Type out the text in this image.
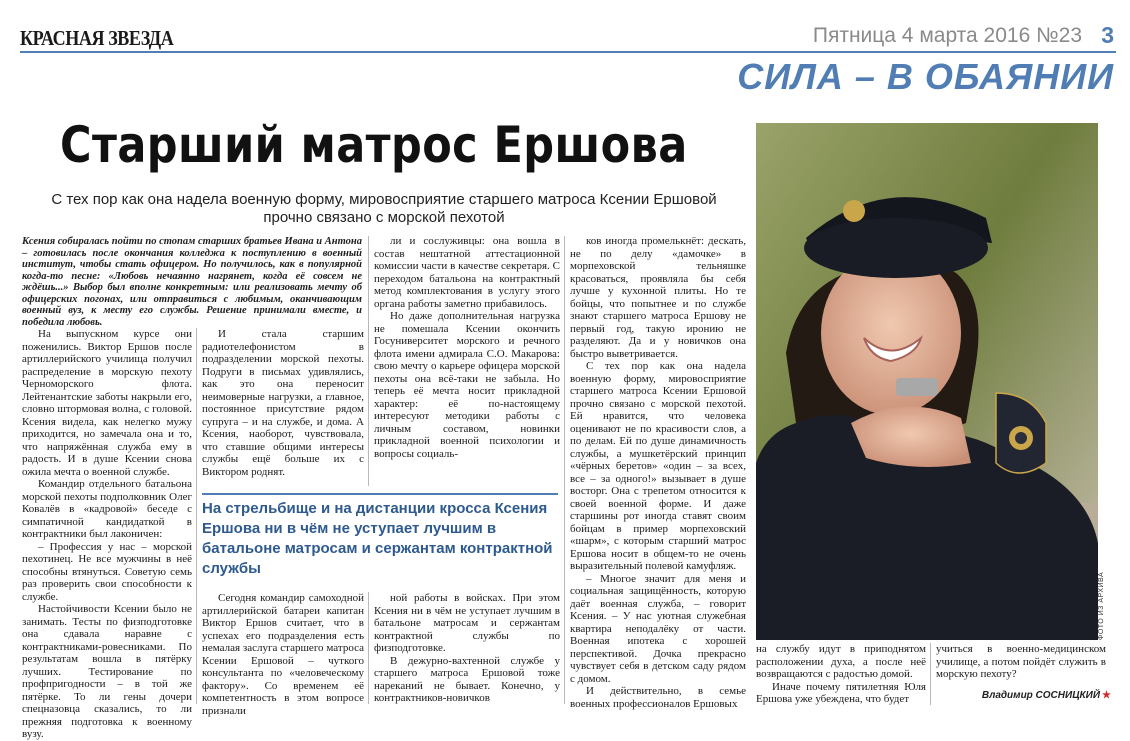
КРАСНАЯ ЗВЕЗДА	Пятница 4 марта 2016 №23 3
СИЛА – В ОБАЯНИИ
Старший матрос Ершова
С тех пор как она надела военную форму, мировосприятие старшего матроса Ксении Ершовой прочно связано с морской пехотой
ФОТО ИЗ АРХИВА
Ксения собиралась пойти по стопам старших братьев Ивана и Антона – готовилась после окончания колледжа к поступлению в военный институт, чтобы стать офицером. Но получилось, как в популярной когда-то песне: «Любовь нечаянно нагрянет, когда её совсем не ждёшь...» Выбор был вполне конкретным: или реализовать мечту об офицерских погонах, или отправиться с любимым, оканчивающим военный вуз, к месту его службы. Решение принимали вместе, и победила любовь.

На выпускном курсе они поженились. Виктор Ершов после артиллерийского училища получил распределение в морскую пехоту Черноморского флота. Лейтенантские заботы накрыли его, словно штормовая волна, с головой. Ксения видела, как нелегко мужу приходится, но замечала она и то, что напряжённая служба ему в радость. И в душе Ксении снова ожила мечта о военной службе.

Командир отдельного батальона морской пехоты подполковник Олег Ковалёв в «кадровой» беседе с симпатичной кандидаткой в контрактники был лаконичен:

– Профессия у нас – морской пехотинец. Не все мужчины в неё способны втянуться. Советую семь раз проверить свои способности к службе.

Настойчивости Ксении было не занимать. Тесты по физподготовке она сдавала наравне с контрактниками-ровесниками. По результатам вошла в пятёрку лучших. Тестирование по профпригодности – в той же пятёрке. То ли гены дочери спецназовца сказались, то ли прежняя подготовка к военному вузу.

И стала старшим радиотелефонистом в подразделении морской пехоты. Подруги в письмах удивлялись, как это она переносит неимоверные нагрузки, а главное, постоянное присутствие рядом супруга – и на службе, и дома. А Ксения, наоборот, чувствовала, что ставшие общими интересы службы ещё больше их с Виктором роднят.

ли и сослуживцы: она вошла в состав нештатной аттестационной комиссии части в качестве секретаря. С переходом батальона на контрактный метод комплектования в услугу этого органа работы заметно прибавилось.

Но даже дополнительная нагрузка не помешала Ксении окончить Госуниверситет морского и речного флота имени адмирала С.О. Макарова: свою мечту о карьере офицера морской пехоты она всё-таки не забыла. Но теперь её мечта носит прикладной характер: её по-настоящему интересуют методики работы с личным составом, новинки прикладной военной психологии и вопросы социаль-

ков иногда промелькнёт: дескать, не по делу «дамочке» в морпеховской тельняшке красоваться, проявляла бы себя лучше у кухонной плиты. Но те бойцы, что попытнее и по службе знают старшего матроса Ершову не первый год, такую иронию не разделяют. Да и у новичков она быстро выветривается.

С тех пор как она надела военную форму, мировосприятие старшего матроса Ксении Ершовой прочно связано с морской пехотой. Ей нравится, что человека оценивают не по красивости слов, а по делам. Ей по душе динамичность службы, а мушкетёрский принцип «чёрных беретов» «один – за всех, все – за одного!» вызывает в душе восторг. Она с трепетом относится к своей военной форме. И даже старшины рот иногда ставят своим бойцам в пример морпеховский «шарм», с которым старший матрос Ершова носит в общем-то не очень выразительный полевой камуфляж.

– Многое значит для меня и социальная защищённость, которую даёт военная служба, – говорит Ксения. – У нас уютная служебная квартира неподалёку от части. Военная ипотека с хорошей перспективой. Дочка прекрасно чувствует себя в детском саду рядом с домом.

И действительно, в семье военных профессионалов Ершовых

На стрельбище и на дистанции кросса Ксения Ершова ни в чём не уступает лучшим в батальоне матросам и сержантам контрактной службы

Сегодня командир самоходной артиллерийской батареи капитан Виктор Ершов считает, что в успехах его подразделения есть немалая заслуга старшего матроса Ксении Ершовой – чуткого консультанта по «человеческому фактору». Со временем её компетентность в этом вопросе признали

ной работы в войсках. При этом Ксения ни в чём не уступает лучшим в батальоне матросам и сержантам контрактной службы по физподготовке.

В дежурно-вахтенной службе у старшего матроса Ершовой тоже нареканий не бывает. Конечно, у контрактников-новичков

на службу идут в приподнятом расположении духа, а после неё возвращаются с радостью домой.

Иначе почему пятилетняя Юля Ершова уже убеждена, что будет

учиться в военно-медицинском училище, а потом пойдёт служить в морскую пехоту?

Владимир СОСНИЦКИЙ ★
